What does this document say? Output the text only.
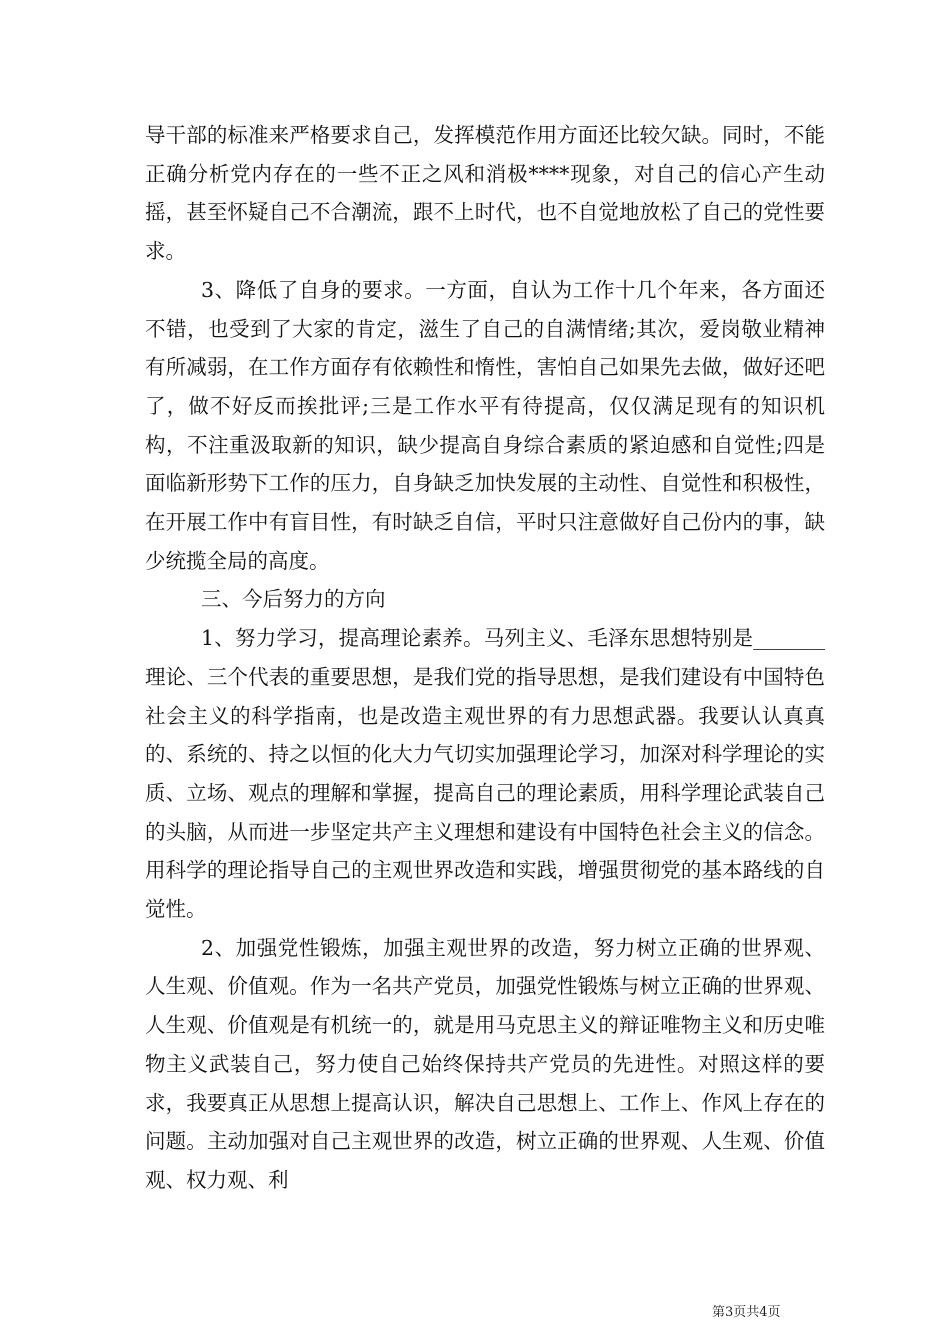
导干部的标准来严格要求自己，发挥模范作用方面还比较欠缺。同时，不能正确分析党内存在的一些不正之风和消极****现象，对自己的信心产生动摇，甚至怀疑自己不合潮流，跟不上时代，也不自觉地放松了自己的党性要求。

3、降低了自身的要求。一方面，自认为工作十几个年来，各方面还不错，也受到了大家的肯定，滋生了自己的自满情绪;其次，爱岗敬业精神有所减弱，在工作方面存有依赖性和惰性，害怕自己如果先去做，做好还吧了，做不好反而挨批评;三是工作水平有待提高，仅仅满足现有的知识机构，不注重汲取新的知识，缺少提高自身综合素质的紧迫感和自觉性;四是面临新形势下工作的压力，自身缺乏加快发展的主动性、自觉性和积极性，在开展工作中有盲目性，有时缺乏自信，平时只注意做好自己份内的事，缺少统揽全局的高度。

三、今后努力的方向

1、努力学习，提高理论素养。马列主义、毛泽东思想特别是_______理论、三个代表的重要思想，是我们党的指导思想，是我们建设有中国特色社会主义的科学指南，也是改造主观世界的有力思想武器。我要认认真真的、系统的、持之以恒的化大力气切实加强理论学习，加深对科学理论的实质、立场、观点的理解和掌握，提高自己的理论素质，用科学理论武装自己的头脑，从而进一步坚定共产主义理想和建设有中国特色社会主义的信念。用科学的理论指导自己的主观世界改造和实践，增强贯彻党的基本路线的自觉性。

2、加强党性锻炼，加强主观世界的改造，努力树立正确的世界观、人生观、价值观。作为一名共产党员，加强党性锻炼与树立正确的世界观、人生观、价值观是有机统一的，就是用马克思主义的辩证唯物主义和历史唯物主义武装自己，努力使自己始终保持共产党员的先进性。对照这样的要求，我要真正从思想上提高认识，解决自己思想上、工作上、作风上存在的问题。主动加强对自己主观世界的改造，树立正确的世界观、人生观、价值观、权力观、利

第3页共4页
